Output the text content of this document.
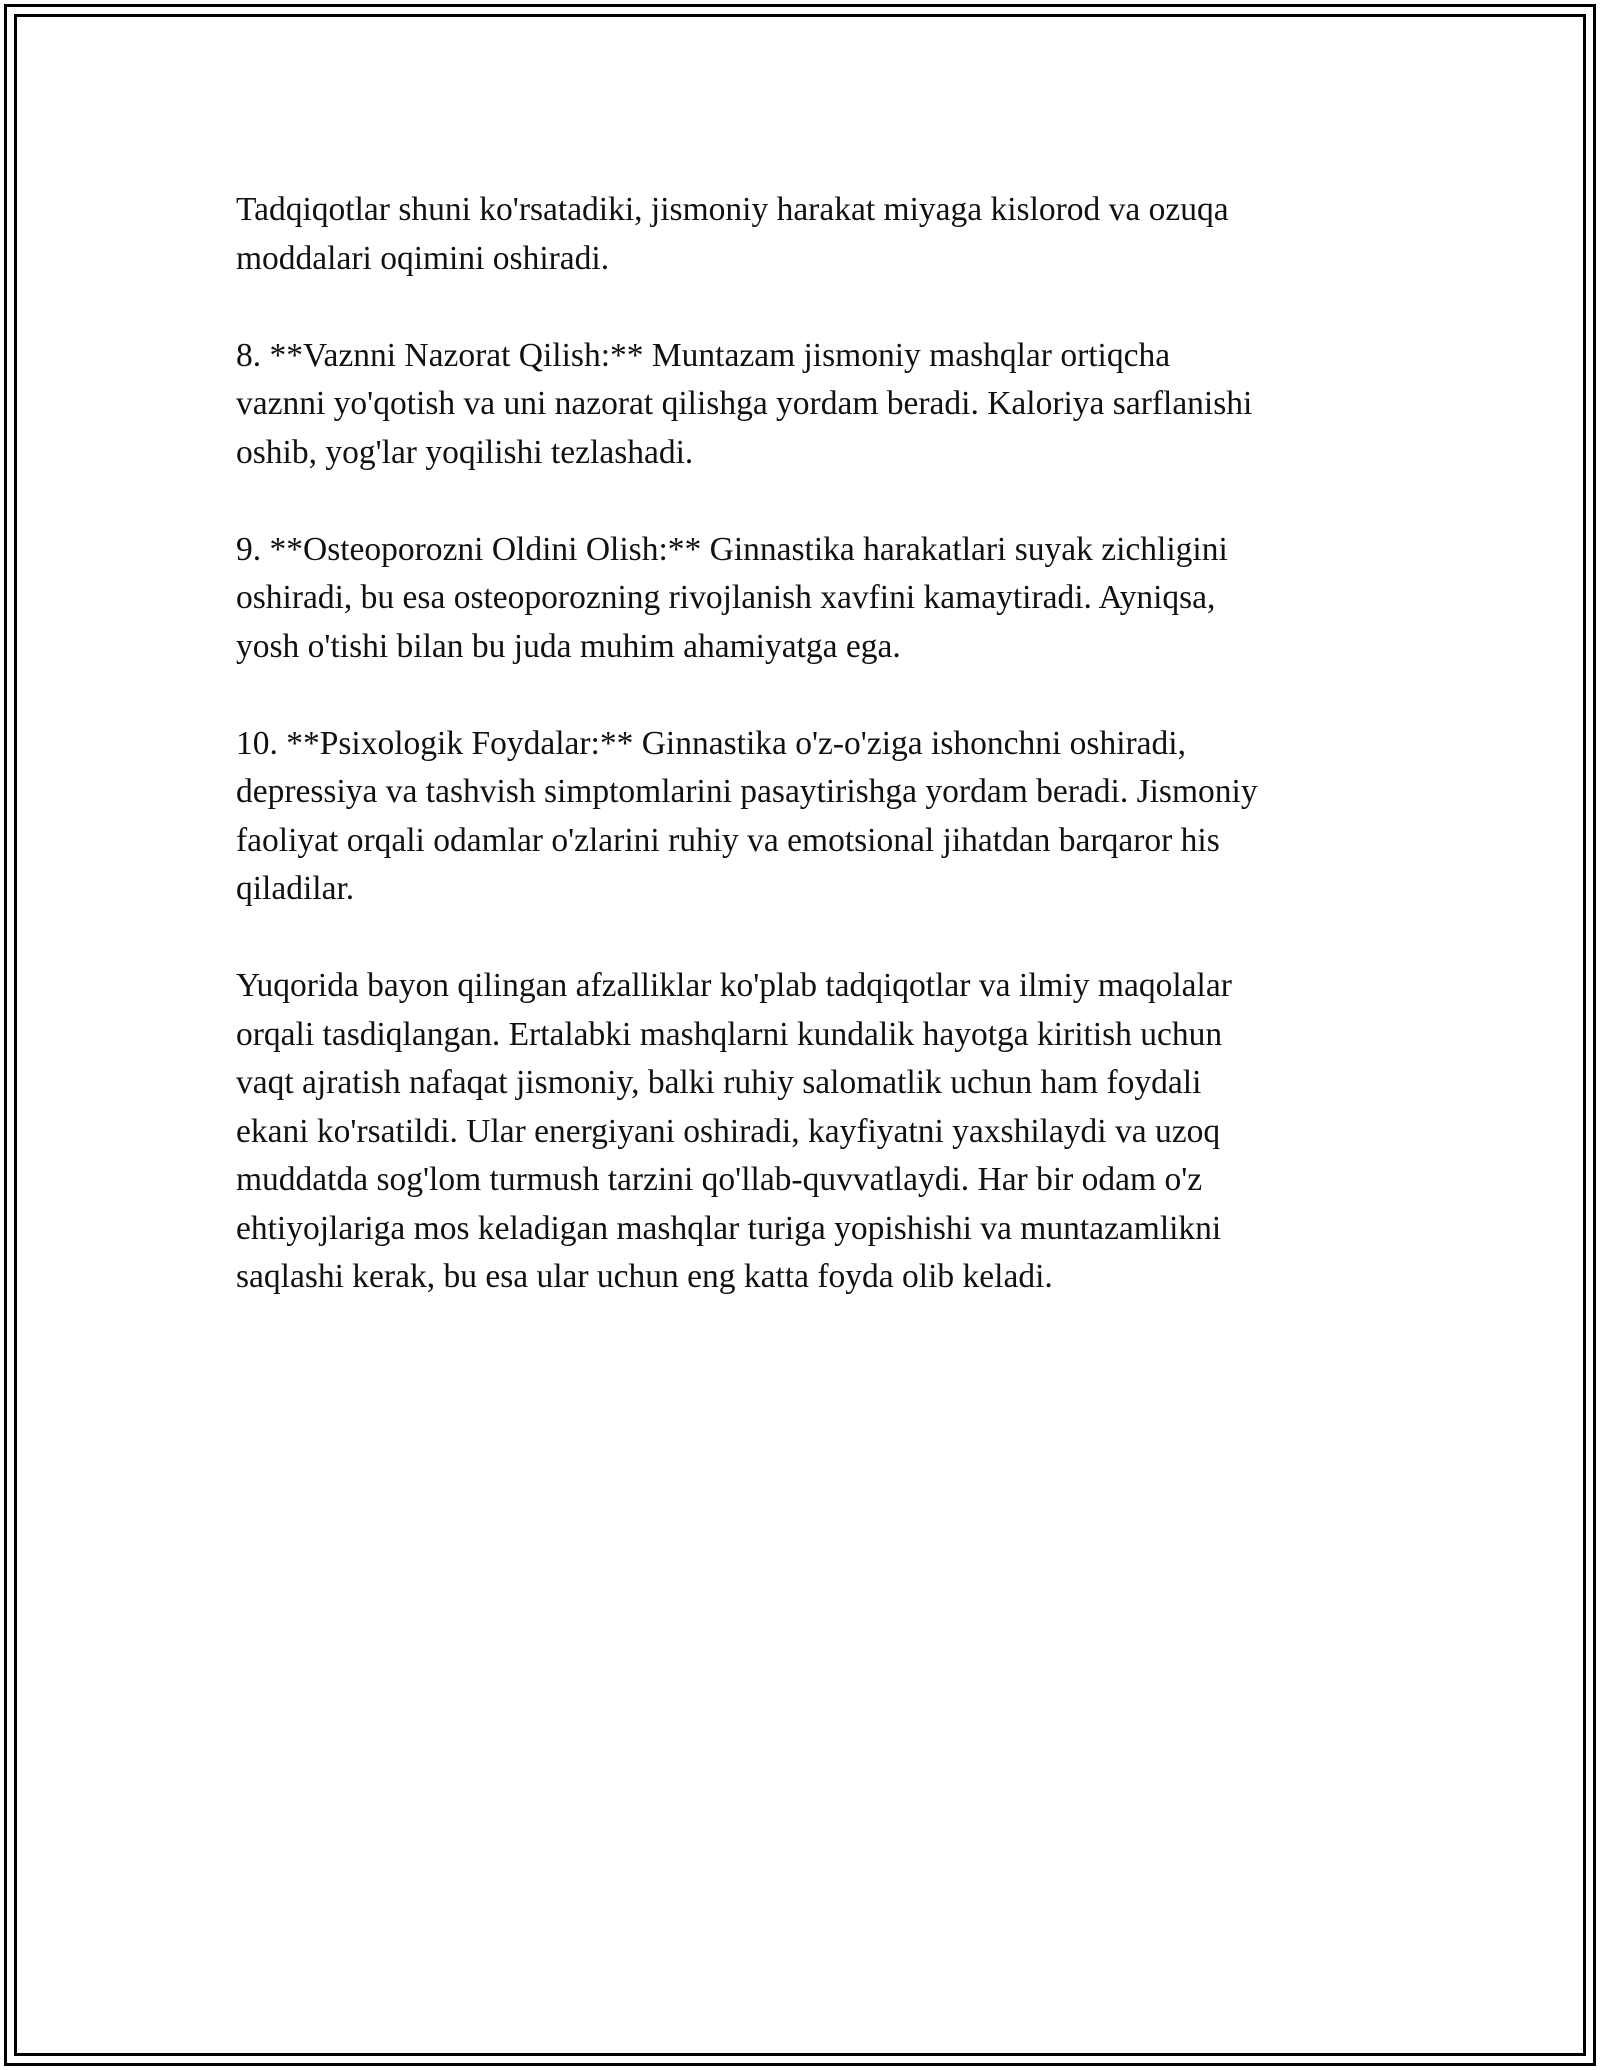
Tadqiqotlar shuni ko'rsatadiki, jismoniy harakat miyaga kislorod va ozuqa
moddalari oqimini oshiradi.

8. **Vaznni Nazorat Qilish:** Muntazam jismoniy mashqlar ortiqcha
vaznni yo'qotish va uni nazorat qilishga yordam beradi. Kaloriya sarflanishi
oshib, yog'lar yoqilishi tezlashadi.

9. **Osteoporozni Oldini Olish:** Ginnastika harakatlari suyak zichligini
oshiradi, bu esa osteoporozning rivojlanish xavfini kamaytiradi. Ayniqsa,
yosh o'tishi bilan bu juda muhim ahamiyatga ega.

10. **Psixologik Foydalar:** Ginnastika o'z-o'ziga ishonchni oshiradi,
depressiya va tashvish simptomlarini pasaytirishga yordam beradi. Jismoniy
faoliyat orqali odamlar o'zlarini ruhiy va emotsional jihatdan barqaror his
qiladilar.

Yuqorida bayon qilingan afzalliklar ko'plab tadqiqotlar va ilmiy maqolalar
orqali tasdiqlangan. Ertalabki mashqlarni kundalik hayotga kiritish uchun
vaqt ajratish nafaqat jismoniy, balki ruhiy salomatlik uchun ham foydali
ekani ko'rsatildi. Ular energiyani oshiradi, kayfiyatni yaxshilaydi va uzoq
muddatda sog'lom turmush tarzini qo'llab-quvvatlaydi. Har bir odam o'z
ehtiyojlariga mos keladigan mashqlar turiga yopishishi va muntazamlikni
saqlashi kerak, bu esa ular uchun eng katta foyda olib keladi.
